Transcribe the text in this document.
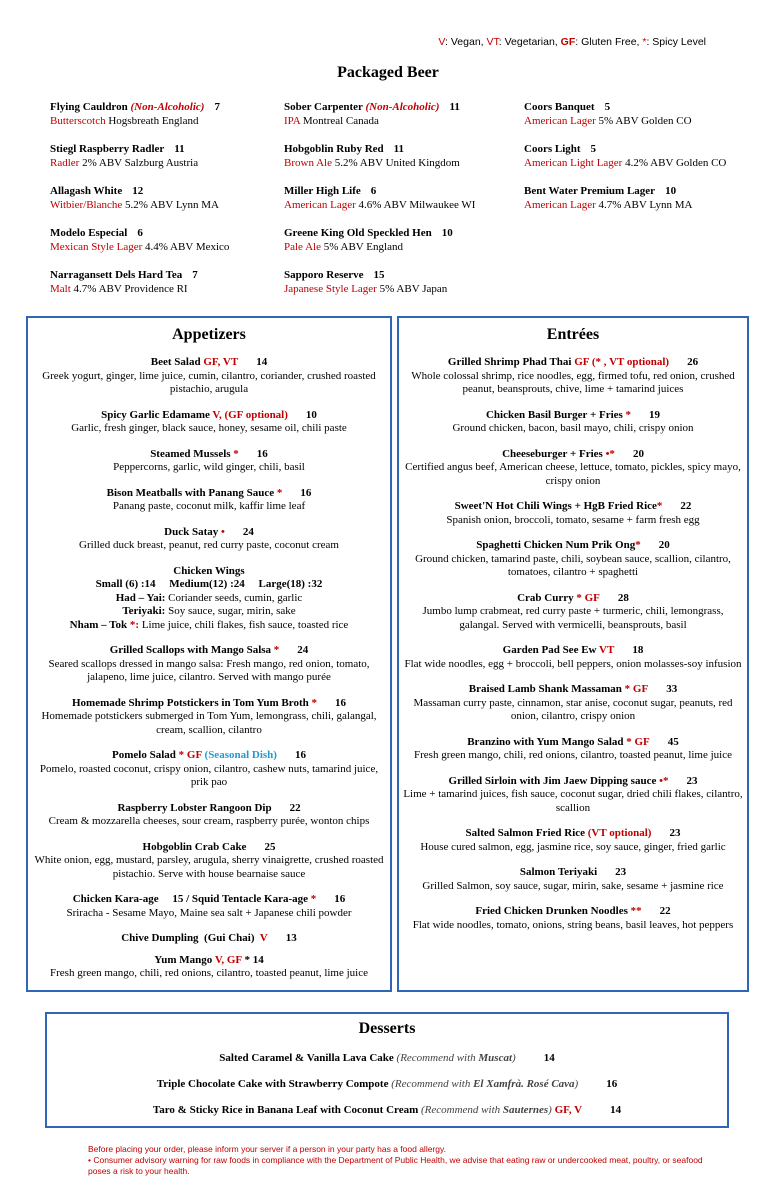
V: Vegan, VT: Vegetarian, GF: Gluten Free, *: Spicy Level
Packaged Beer
Flying Cauldron (Non-Alcoholic) 7
Butterscotch Hogsbreath England
Stiegl Raspberry Radler 11
Radler 2% ABV Salzburg Austria
Allagash White 12
Witbier/Blanche 5.2% ABV Lynn MA
Modelo Especial 6
Mexican Style Lager 4.4% ABV Mexico
Narragansett Dels Hard Tea 7
Malt 4.7% ABV Providence RI
Sober Carpenter (Non-Alcoholic) 11
IPA Montreal Canada
Hobgoblin Ruby Red 11
Brown Ale 5.2% ABV United Kingdom
Miller High Life 6
American Lager 4.6% ABV Milwaukee WI
Greene King Old Speckled Hen 10
Pale Ale 5% ABV England
Sapporo Reserve 15
Japanese Style Lager 5% ABV Japan
Coors Banquet 5
American Lager 5% ABV Golden CO
Coors Light 5
American Light Lager 4.2% ABV Golden CO
Bent Water Premium Lager 10
American Lager 4.7% ABV Lynn MA
Appetizers
Beet Salad GF, VT 14
Greek yogurt, ginger, lime juice, cumin, cilantro, coriander, crushed roasted pistachio, arugula
Spicy Garlic Edamame V, (GF optional) 10
Garlic, fresh ginger, black sauce, honey, sesame oil, chili paste
Steamed Mussels * 16
Peppercorns, garlic, wild ginger, chili, basil
Bison Meatballs with Panang Sauce * 16
Panang paste, coconut milk, kaffir lime leaf
Duck Satay • 24
Grilled duck breast, peanut, red curry paste, coconut cream
Chicken Wings
Small (6) :14     Medium(12) :24     Large(18) :32
Had – Yai: Coriander seeds, cumin, garlic
Teriyaki: Soy sauce, sugar, mirin, sake
Nham – Tok *: Lime juice, chili flakes, fish sauce, toasted rice
Grilled Scallops with Mango Salsa * 24
Seared scallops dressed in mango salsa: Fresh mango, red onion, tomato, jalapeno, lime juice, cilantro. Served with mango purée
Homemade Shrimp Potstickers in Tom Yum Broth * 16
Homemade potstickers submerged in Tom Yum, lemongrass, chili, galangal, cream, scallion, cilantro
Pomelo Salad * GF (Seasonal Dish) 16
Pomelo, roasted coconut, crispy onion, cilantro, cashew nuts, tamarind juice, prik pao
Raspberry Lobster Rangoon Dip 22
Cream & mozzarella cheeses, sour cream, raspberry purée, wonton chips
Hobgoblin Crab Cake 25
White onion, egg, mustard, parsley, arugula, sherry vinaigrette, crushed roasted pistachio. Serve with house bearnaise sauce
Chicken Kara-age     15 / Squid Tentacle Kara-age * 16
Sriracha - Sesame Mayo, Maine sea salt + Japanese chili powder
Chive Dumpling  (Gui Chai)  V 13
Yum Mango V, GF * 14
Fresh green mango, chili, red onions, cilantro, toasted peanut, lime juice
Entrées
Grilled Shrimp Phad Thai GF (* , VT optional) 26
Whole colossal shrimp, rice noodles, egg, firmed tofu, red onion, crushed peanut, beansprouts, chive, lime + tamarind juices
Chicken Basil Burger + Fries * 19
Ground chicken, bacon, basil mayo, chili, crispy onion
Cheeseburger + Fries •* 20
Certified angus beef, American cheese, lettuce, tomato, pickles, spicy mayo, crispy onion
Sweet'N Hot Chili Wings + HgB Fried Rice* 22
Spanish onion, broccoli, tomato, sesame + farm fresh egg
Spaghetti Chicken Num Prik Ong* 20
Ground chicken, tamarind paste, chili, soybean sauce, scallion, cilantro, tomatoes, cilantro + spaghetti
Crab Curry * GF 28
Jumbo lump crabmeat, red curry paste + turmeric, chili, lemongrass, galangal. Served with vermicelli, beansprouts, basil
Garden Pad See Ew VT 18
Flat wide noodles, egg + broccoli, bell peppers, onion molasses-soy infusion
Braised Lamb Shank Massaman * GF 33
Massaman curry paste, cinnamon, star anise, coconut sugar, peanuts, red onion, cilantro, crispy onion
Branzino with Yum Mango Salad * GF 45
Fresh green mango, chili, red onions, cilantro, toasted peanut, lime juice
Grilled Sirloin with Jim Jaew Dipping sauce •* 23
Lime + tamarind juices, fish sauce, coconut sugar, dried chili flakes, cilantro, scallion
Salted Salmon Fried Rice (VT optional) 23
House cured salmon, egg, jasmine rice, soy sauce, ginger, fried garlic
Salmon Teriyaki 23
Grilled Salmon, soy sauce, sugar, mirin, sake, sesame + jasmine rice
Fried Chicken Drunken Noodles ** 22
Flat wide noodles, tomato, onions, string beans, basil leaves, hot peppers
Desserts
Salted Caramel & Vanilla Lava Cake (Recommend with Muscat)	14
Triple Chocolate Cake with Strawberry Compote (Recommend with El Xamfrà. Rosé Cava)	16
Taro & Sticky Rice in Banana Leaf with Coconut Cream (Recommend with Sauternes) GF, V	14
Before placing your order, please inform your server if a person in your party has a food allergy.
• Consumer advisory warning for raw foods in compliance with the Department of Public Health, we advise that eating raw or undercooked meat, poultry, or seafood poses a risk to your health.
